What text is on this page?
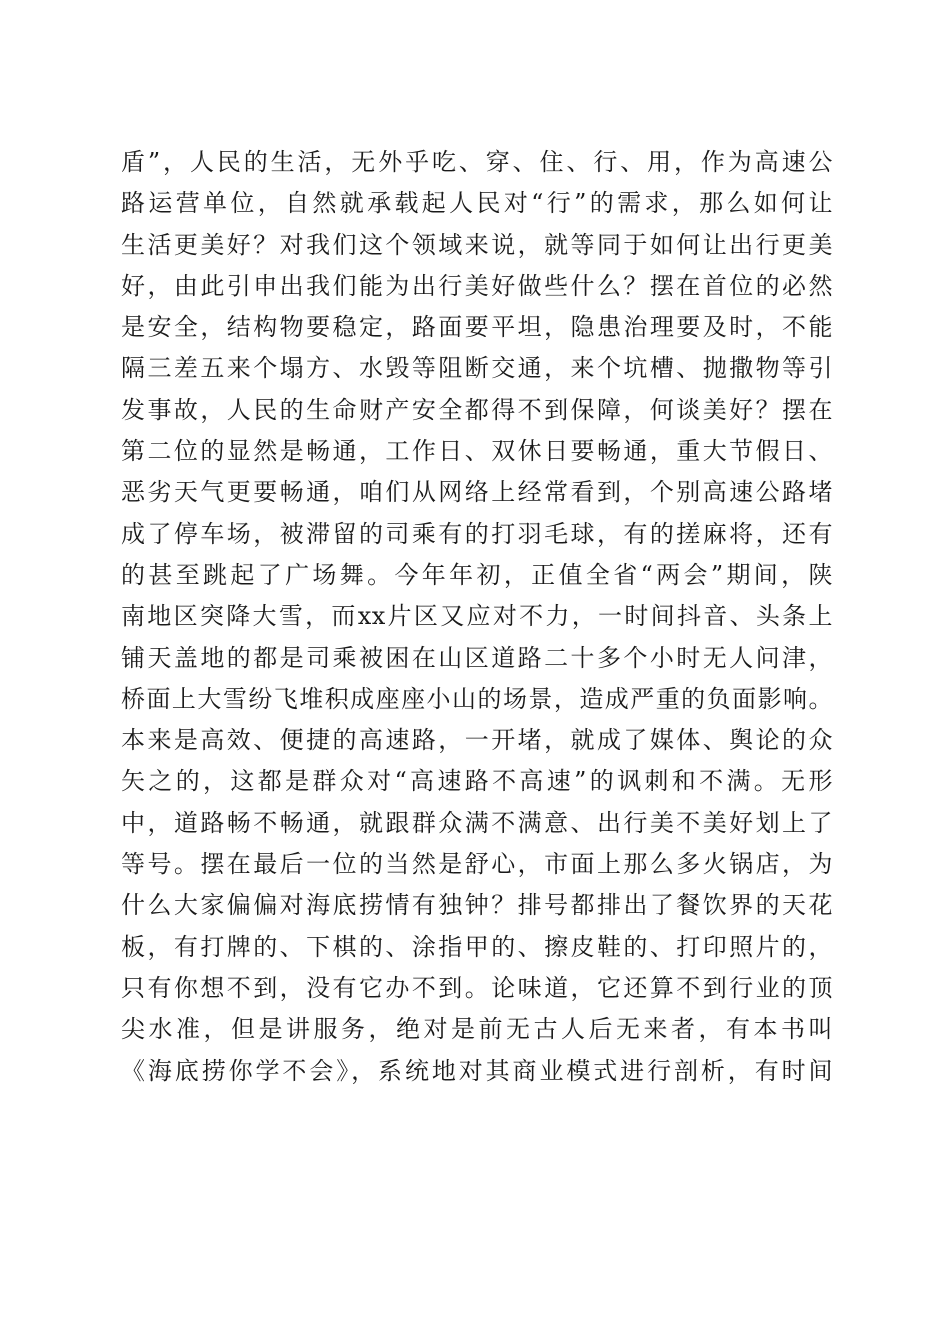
盾”，人民的生活，无外乎吃、穿、住、行、用，作为高速公
路运营单位，自然就承载起人民对“行”的需求，那么如何让
生活更美好？对我们这个领域来说，就等同于如何让出行更美
好，由此引申出我们能为出行美好做些什么？摆在首位的必然
是安全，结构物要稳定，路面要平坦，隐患治理要及时，不能
隔三差五来个塌方、水毁等阻断交通，来个坑槽、抛撒物等引
发事故，人民的生命财产安全都得不到保障，何谈美好？摆在
第二位的显然是畅通，工作日、双休日要畅通，重大节假日、
恶劣天气更要畅通，咱们从网络上经常看到，个别高速公路堵
成了停车场，被滞留的司乘有的打羽毛球，有的搓麻将，还有
的甚至跳起了广场舞。今年年初，正值全省“两会”期间，陕
南地区突降大雪，而xx片区又应对不力，一时间抖音、头条上
铺天盖地的都是司乘被困在山区道路二十多个小时无人问津，
桥面上大雪纷飞堆积成座座小山的场景，造成严重的负面影响。
本来是高效、便捷的高速路，一开堵，就成了媒体、舆论的众
矢之的，这都是群众对“高速路不高速”的讽刺和不满。无形
中，道路畅不畅通，就跟群众满不满意、出行美不美好划上了
等号。摆在最后一位的当然是舒心，市面上那么多火锅店，为
什么大家偏偏对海底捞情有独钟？排号都排出了餐饮界的天花
板，有打牌的、下棋的、涂指甲的、擦皮鞋的、打印照片的，
只有你想不到，没有它办不到。论味道，它还算不到行业的顶
尖水准，但是讲服务，绝对是前无古人后无来者，有本书叫
《海底捞你学不会》，系统地对其商业模式进行剖析，有时间
